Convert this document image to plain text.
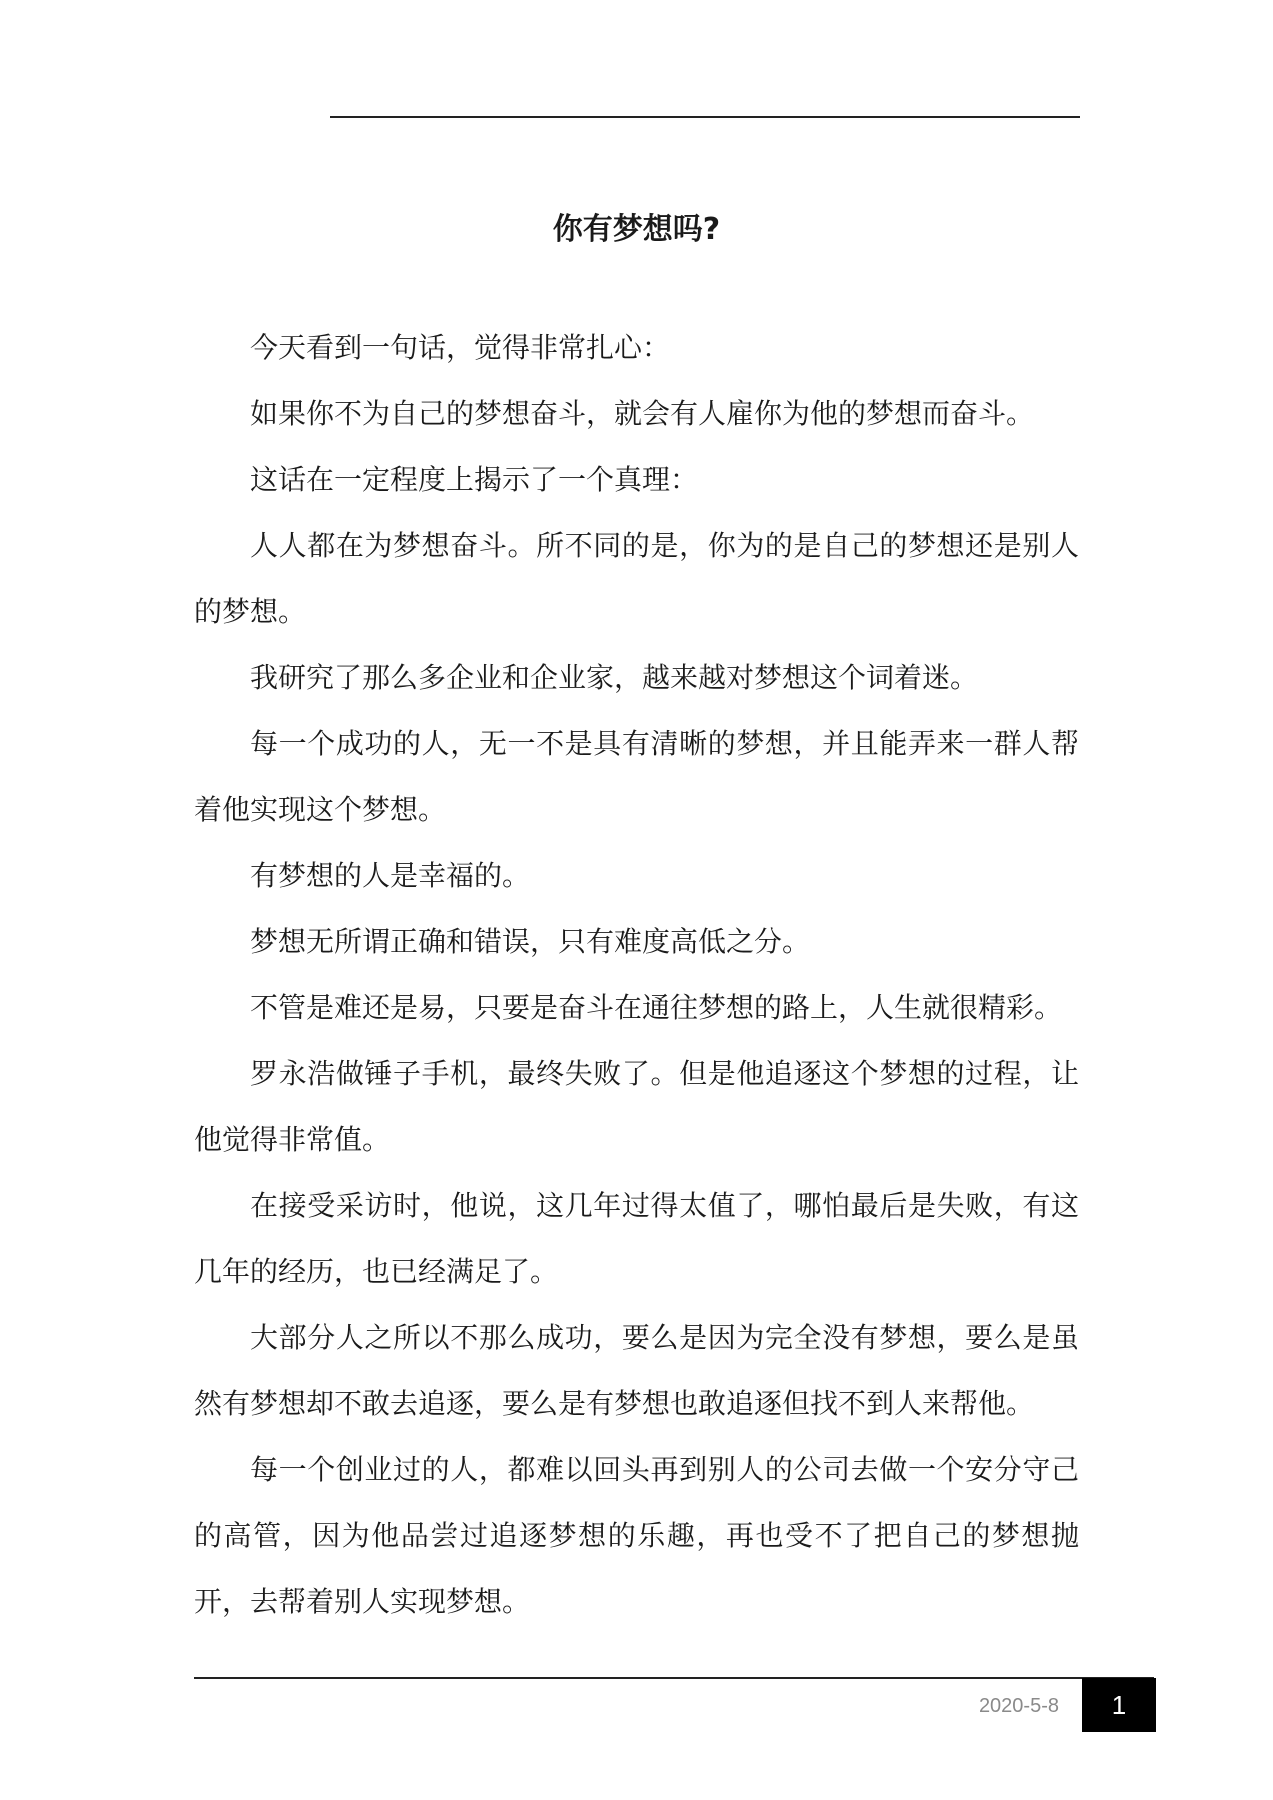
你有梦想吗?

今天看到一句话，觉得非常扎心：

如果你不为自己的梦想奋斗，就会有人雇你为他的梦想而奋斗。

这话在一定程度上揭示了一个真理：

人人都在为梦想奋斗。所不同的是，你为的是自己的梦想还是别人的梦想。

我研究了那么多企业和企业家，越来越对梦想这个词着迷。

每一个成功的人，无一不是具有清晰的梦想，并且能弄来一群人帮着他实现这个梦想。

有梦想的人是幸福的。

梦想无所谓正确和错误，只有难度高低之分。

不管是难还是易，只要是奋斗在通往梦想的路上，人生就很精彩。

罗永浩做锤子手机，最终失败了。但是他追逐这个梦想的过程，让他觉得非常值。

在接受采访时，他说，这几年过得太值了，哪怕最后是失败，有这几年的经历，也已经满足了。

大部分人之所以不那么成功，要么是因为完全没有梦想，要么是虽然有梦想却不敢去追逐，要么是有梦想也敢追逐但找不到人来帮他。

每一个创业过的人，都难以回头再到别人的公司去做一个安分守己的高管，因为他品尝过追逐梦想的乐趣，再也受不了把自己的梦想抛开，去帮着别人实现梦想。

2020-5-8	1
